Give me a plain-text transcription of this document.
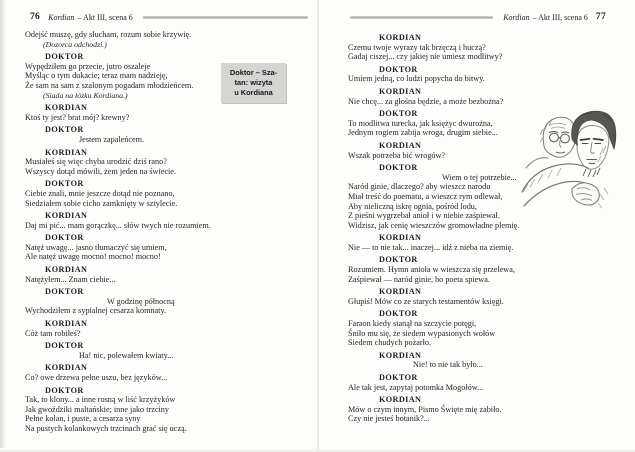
76 Kordian – Akt III, scena 6	Kordian – Akt III, scena 6 77
Odejść muszę, gdy słucham, rozum sobie krzywię.
(Dozorca odchodzi.)
DOKTOR
Wypędziłem go przecie, jutro oszaleje
Myśląc o tym dukacie; teraz mam nadzieję,
Że sam na sam z szalonym pogadam młodzieńcem.
(Siada na łóżku Kordiana.)
KORDIAN
Ktoś ty jest? brat mój? krewny?
DOKTOR
Jestem zapaleńcem.
KORDIAN
Musiałeś się więc chyba urodzić dziś rano?
Wszyscy dotąd mówili, żem jeden na świecie.
DOKTOR
Ciebie znali, mnie jeszcze dotąd nie poznano,
Siedziałem sobie cicho zamknięty w sztylecie.
KORDIAN
Daj mi pić... mam gorączkę... słów twych nie rozumiem.
DOKTOR
Natęż uwagę... jasno tłumaczyć się umiem,
Ale natęż uwagę mocno! mocno! mocno!
KORDIAN
Natężyłem... Znam ciebie...
DOKTOR
W godzinę północną
Wychodziłem z sypialnej cesarza komnaty.
KORDIAN
Cóż tam robiłeś?
DOKTOR
Ha! nic, polewałem kwiaty...
KORDIAN
Co? owe drzewa pełne uszu, bez języków...
DOKTOR
Tak, to klony... a inne rosną w liść krzyżyków
Jak gwoździki maltańskie; inne jako trzciny
Pełne kolan, i puste, a cesarza syny
Na pustych kolankowych trzcinach grać się uczą.
Doktor – Sza-
tan: wizyta
u Kordiana
KORDIAN
Czemu twoje wyrazy tak brzęczą i huczą?
Gadaj ciszej... czy jakiej nie umiesz modlitwy?
DOKTOR
Umiem jedną, co ludzi popycha do bitwy.
KORDIAN
Nie chcę... za głośna będzie, a może bezbożna?
DOKTOR
To modlitwa turecka, jak księżyc dwurożna,
Jednym rogiem zabija wroga, drugim siebie...
KORDIAN
Wszak potrzeba bić wrogów?
DOKTOR
Wiem o tej potrzebie...
Naród ginie, dlaczego? aby wieszcz narodu
Miał treść do poematu, a wieszcz rym odlewał,
Aby nieliczną iskrę ognia, pośród lodu,
Z pieśni wygrzebał anioł i w niebie zaśpiewał.
Widzisz, jak cenię wieszczów gromowładne plemię.
KORDIAN
Nie — to nie tak... inaczej... idź z nieba na ziemię.
DOKTOR
Rozumiem. Hymn anioła w wieszcza się przelewa,
Zaśpiewał — naród ginie, bo poeta spiewa.
KORDIAN
Głupiś! Mów co ze starych testamentów księgi.
DOKTOR
Faraon kiedy stanął na szczycie potęgi,
Śniło mu się, że siedem wypasionych wołów
Siedem chudych pożarło.
KORDIAN
Nie! to nie tak było...
DOKTOR
Ale tak jest, zapytaj potomka Mogołów...
KORDIAN
Mów o czym innym, Pismo Święte mię zabiło.
Czy nie jesteś botanik?...
